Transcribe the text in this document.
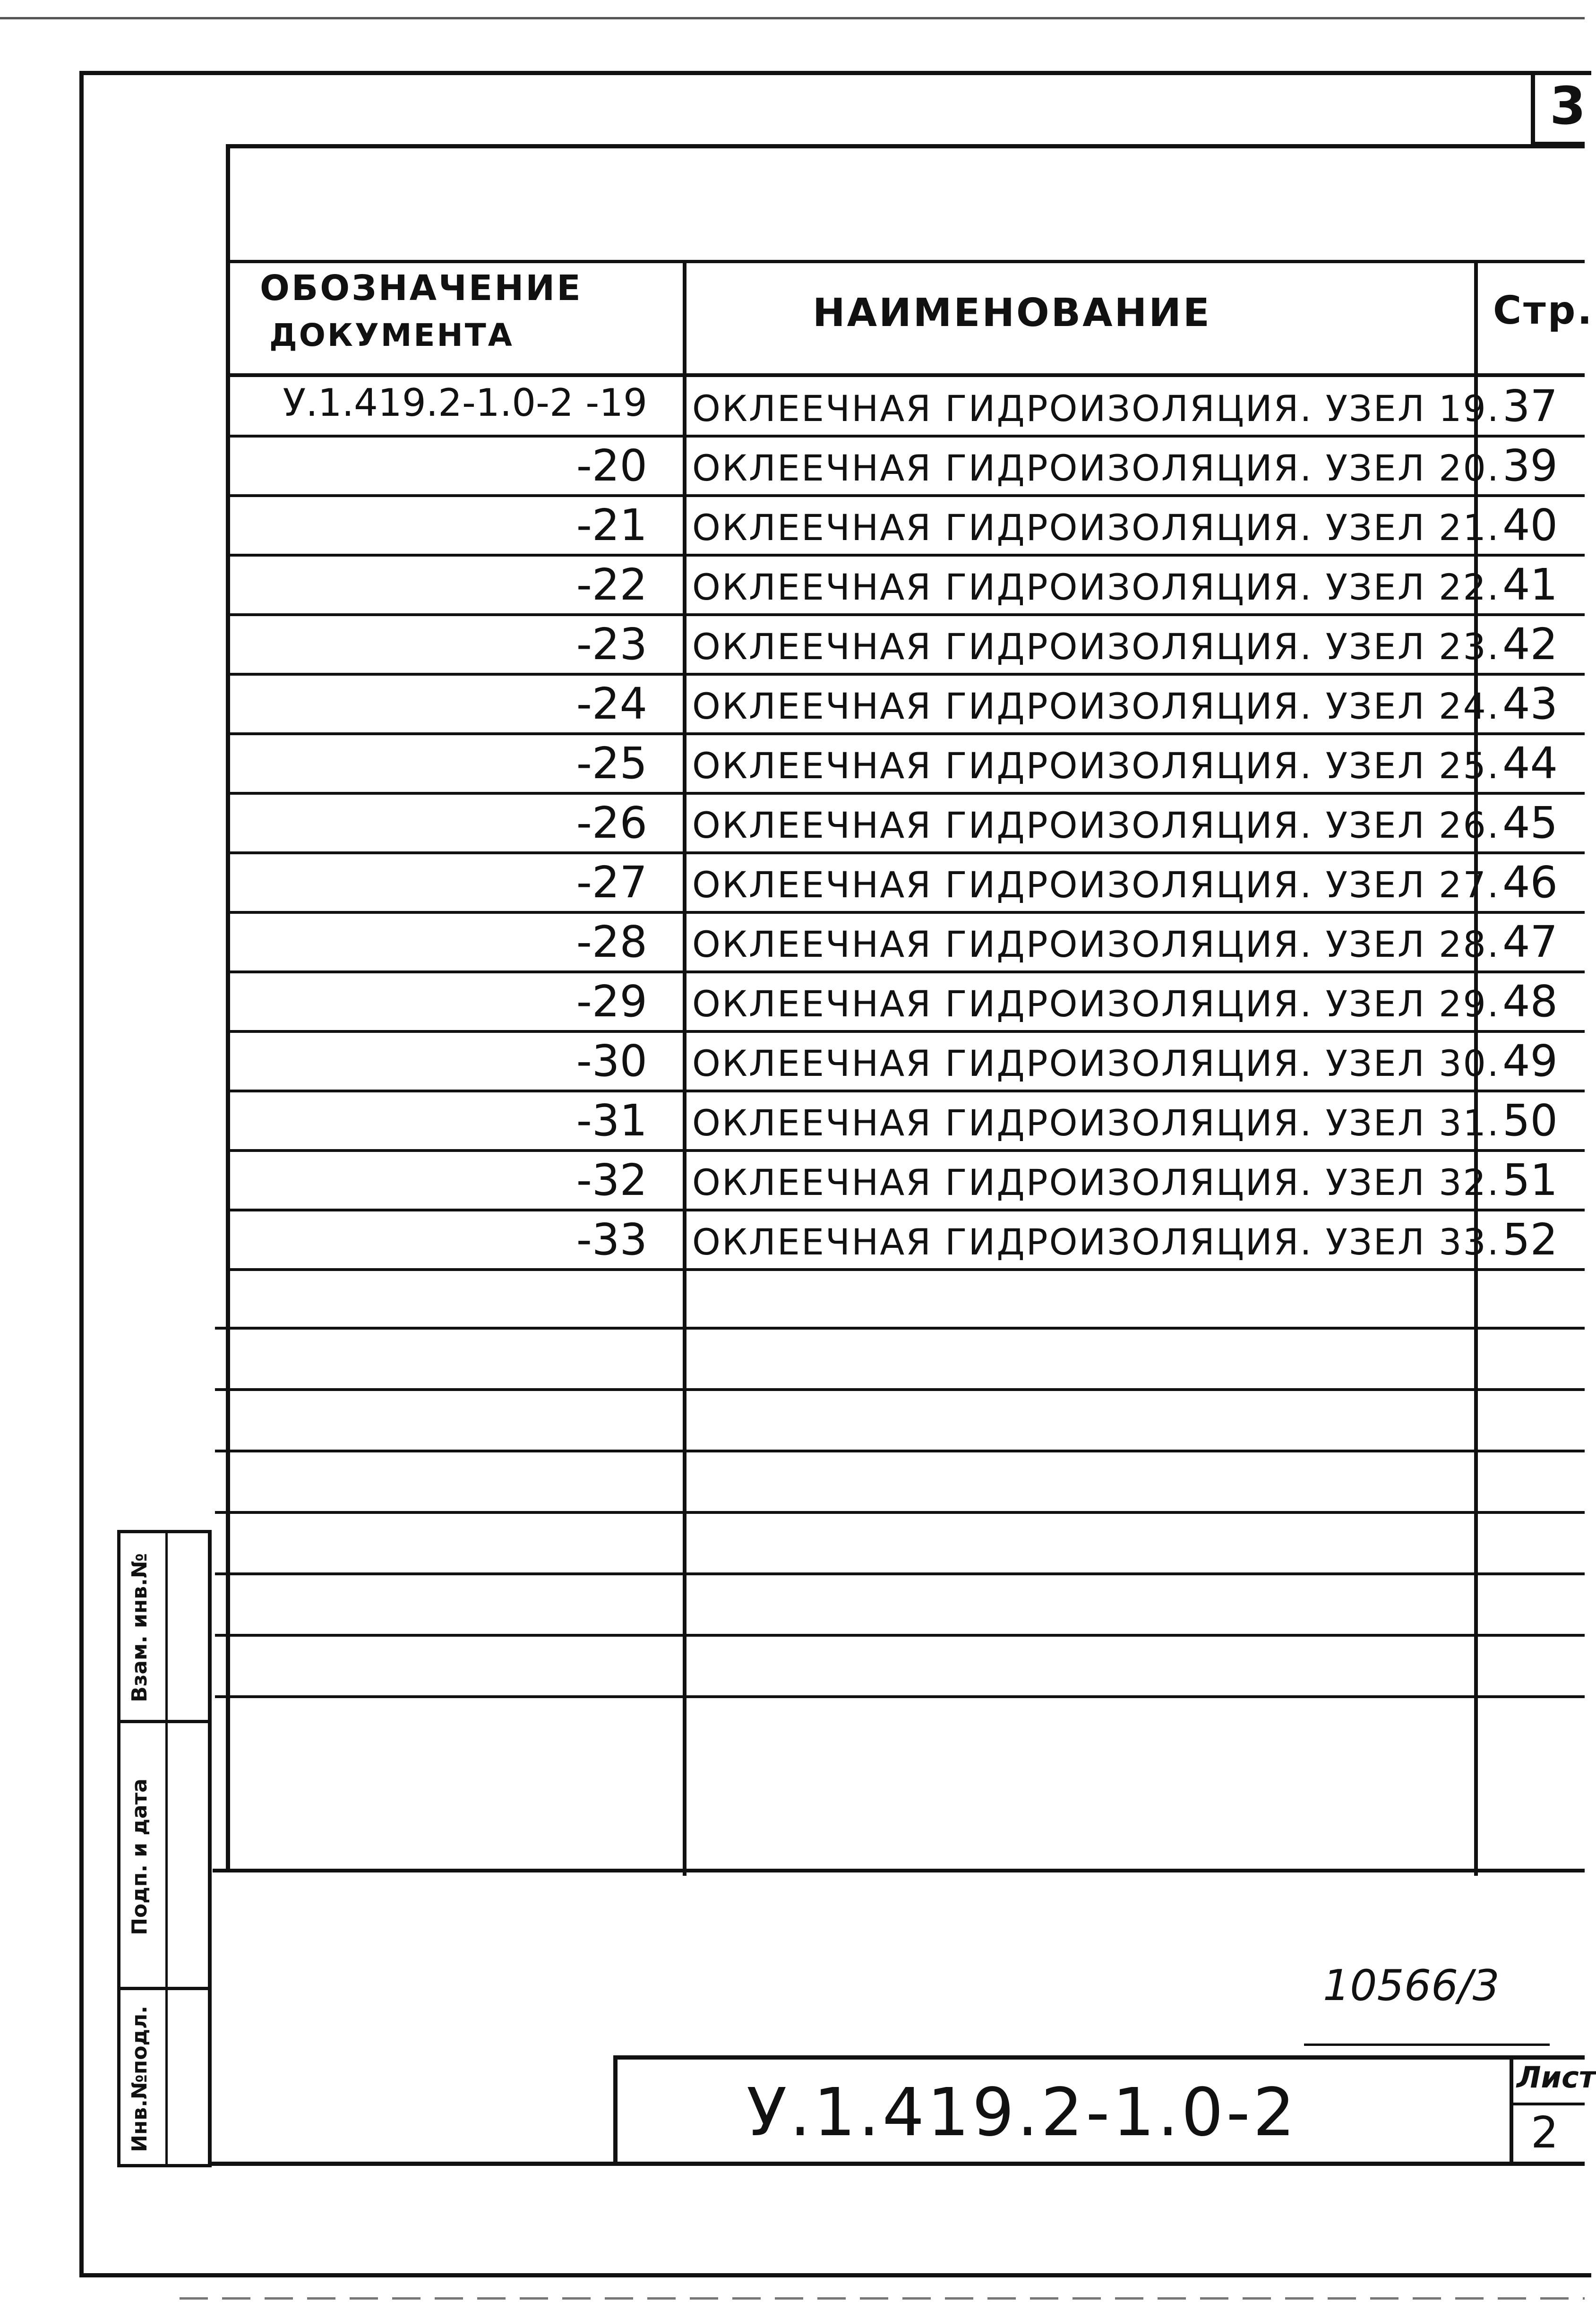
3
ОБОЗНАЧЕНИЕ
ДОКУМЕНТА	НАИМЕНОВАНИЕ	Стр.
У.1.419.2-1.0-2 -19 ОКЛЕЕЧНАЯ ГИДРОИЗОЛЯЦИЯ. УЗЕЛ 19. 37
-20 ОКЛЕЕЧНАЯ ГИДРОИЗОЛЯЦИЯ. УЗЕЛ 20. 39
-21 ОКЛЕЕЧНАЯ ГИДРОИЗОЛЯЦИЯ. УЗЕЛ 21. 40
-22 ОКЛЕЕЧНАЯ ГИДРОИЗОЛЯЦИЯ. УЗЕЛ 22. 41
-23 ОКЛЕЕЧНАЯ ГИДРОИЗОЛЯЦИЯ. УЗЕЛ 23. 42
-24 ОКЛЕЕЧНАЯ ГИДРОИЗОЛЯЦИЯ. УЗЕЛ 24. 43
-25 ОКЛЕЕЧНАЯ ГИДРОИЗОЛЯЦИЯ. УЗЕЛ 25. 44
-26 ОКЛЕЕЧНАЯ ГИДРОИЗОЛЯЦИЯ. УЗЕЛ 26. 45
-27 ОКЛЕЕЧНАЯ ГИДРОИЗОЛЯЦИЯ. УЗЕЛ 27. 46
-28 ОКЛЕЕЧНАЯ ГИДРОИЗОЛЯЦИЯ. УЗЕЛ 28. 47
-29 ОКЛЕЕЧНАЯ ГИДРОИЗОЛЯЦИЯ. УЗЕЛ 29. 48
-30 ОКЛЕЕЧНАЯ ГИДРОИЗОЛЯЦИЯ. УЗЕЛ 30. 49
-31 ОКЛЕЕЧНАЯ ГИДРОИЗОЛЯЦИЯ. УЗЕЛ 31. 50
-32 ОКЛЕЕЧНАЯ ГИДРОИЗОЛЯЦИЯ. УЗЕЛ 32. 51
-33 ОКЛЕЕЧНАЯ ГИДРОИЗОЛЯЦИЯ. УЗЕЛ 33. 52
Взам. инв.№
Подп. и дата
Инв.№подл.
10566/3
У.1.419.2-1.0-2	Лист
2
